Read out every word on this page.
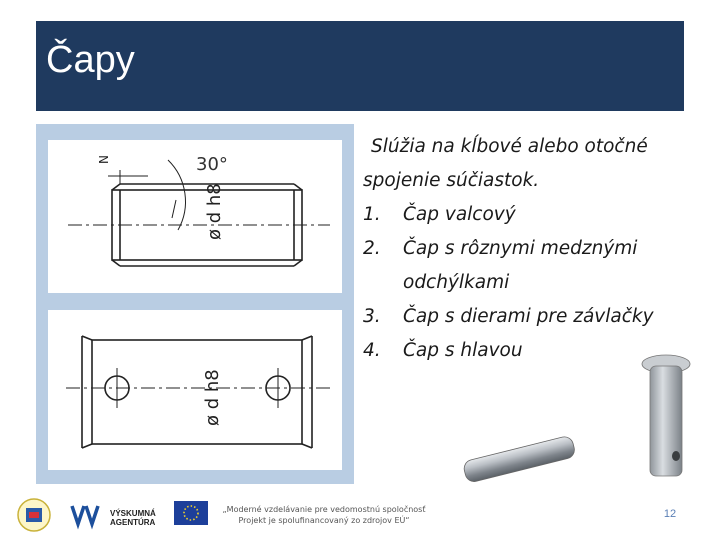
Čapy
N	30°
ø d h8
ø d h8

Slúžia na kĺbové alebo otočné spojenie súčiastok.

1. Čap valcový
2. Čap s rôznymi medznými odchýlkami
3. Čap s dierami pre závlačky
4. Čap s hlavou
VÝSKUMNÁ
AGENTÚRA
„Moderné vzdelávanie pre vedomostnú spoločnosť
Projekt je spolufinancovaný zo zdrojov EÚ“
12
